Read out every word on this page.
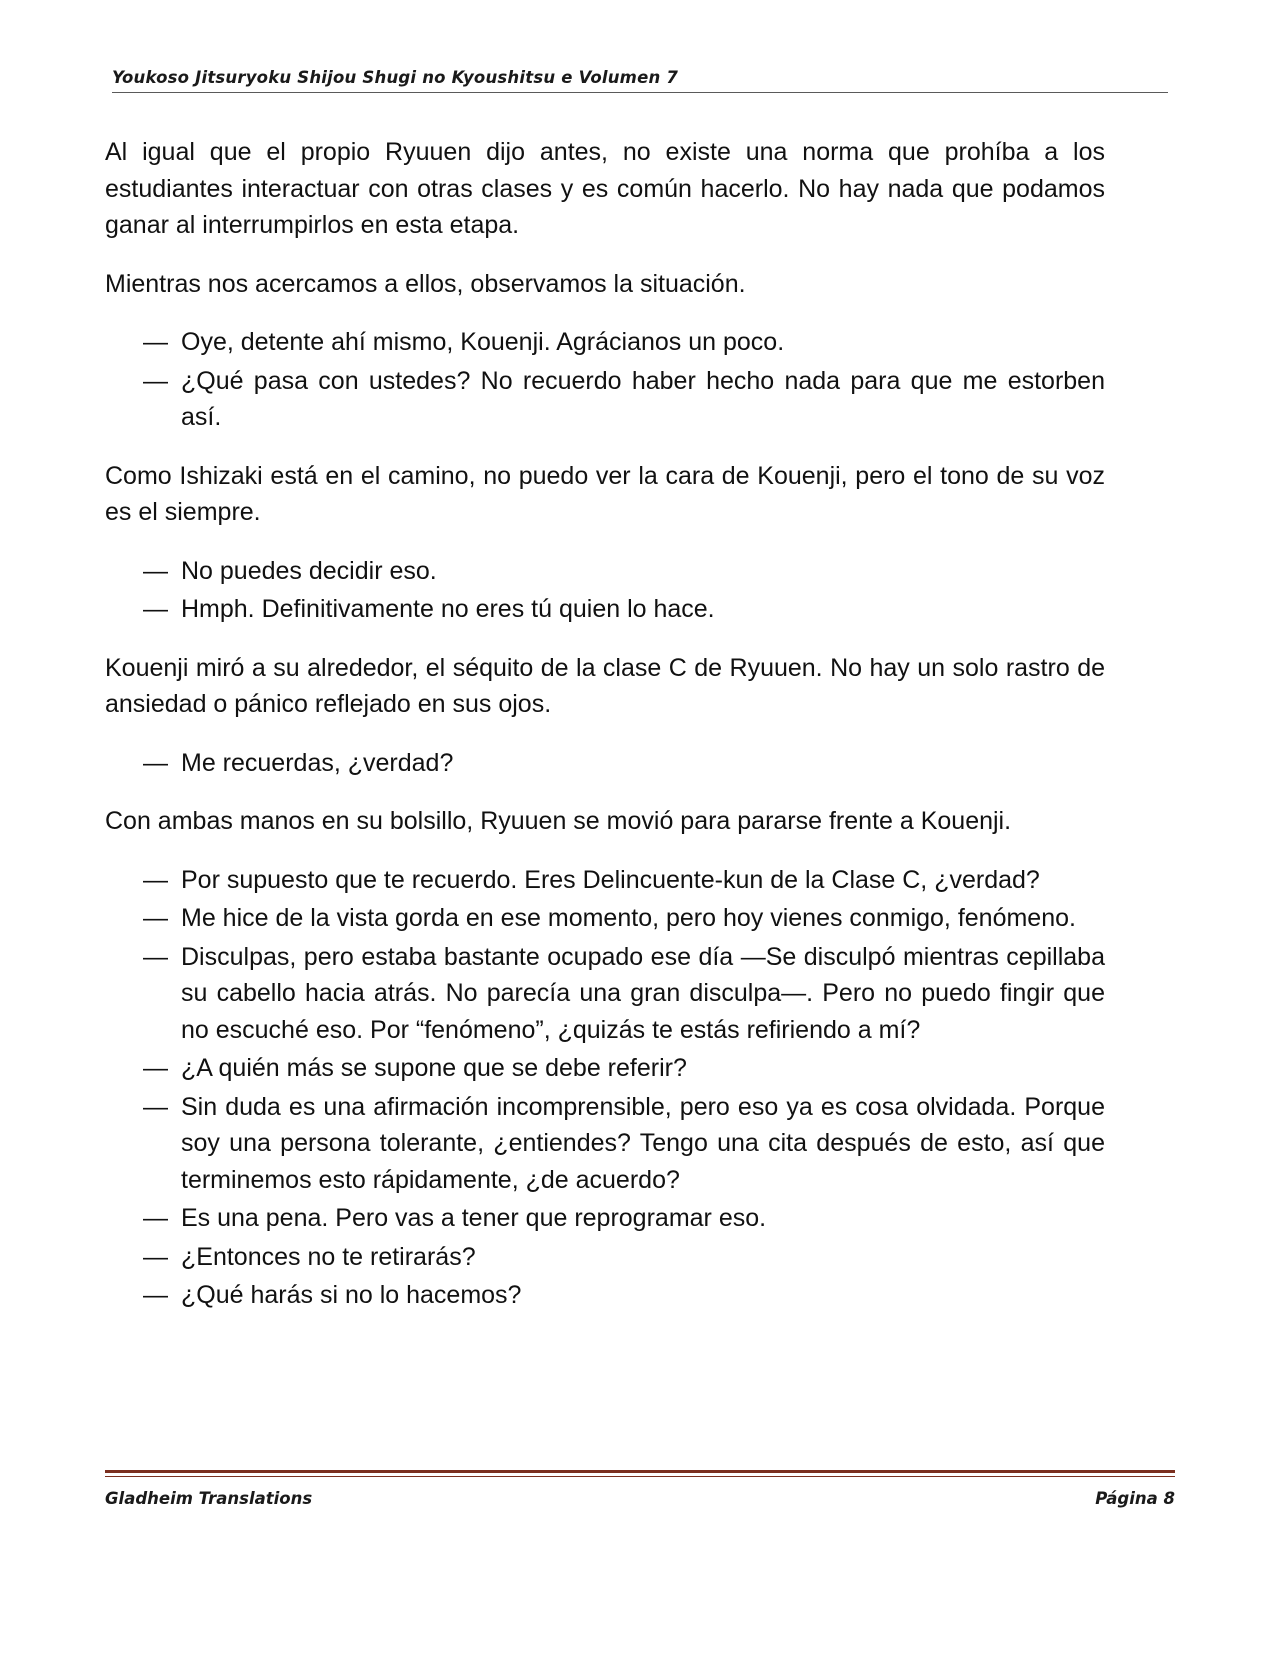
Youkoso Jitsuryoku Shijou Shugi no Kyoushitsu e Volumen 7

Al igual que el propio Ryuuen dijo antes, no existe una norma que prohíba a los estudiantes interactuar con otras clases y es común hacerlo. No hay nada que podamos ganar al interrumpirlos en esta etapa.

Mientras nos acercamos a ellos, observamos la situación.

— Oye, detente ahí mismo, Kouenji. Agrácianos un poco.
— ¿Qué pasa con ustedes? No recuerdo haber hecho nada para que me estorben así.

Como Ishizaki está en el camino, no puedo ver la cara de Kouenji, pero el tono de su voz es el siempre.

— No puedes decidir eso.
— Hmph. Definitivamente no eres tú quien lo hace.

Kouenji miró a su alrededor, el séquito de la clase C de Ryuuen. No hay un solo rastro de ansiedad o pánico reflejado en sus ojos.

— Me recuerdas, ¿verdad?

Con ambas manos en su bolsillo, Ryuuen se movió para pararse frente a Kouenji.

— Por supuesto que te recuerdo. Eres Delincuente-kun de la Clase C, ¿verdad?
— Me hice de la vista gorda en ese momento, pero hoy vienes conmigo, fenómeno.
— Disculpas, pero estaba bastante ocupado ese día —Se disculpó mientras cepillaba su cabello hacia atrás. No parecía una gran disculpa—. Pero no puedo fingir que no escuché eso. Por “fenómeno”, ¿quizás te estás refiriendo a mí?
— ¿A quién más se supone que se debe referir?
— Sin duda es una afirmación incomprensible, pero eso ya es cosa olvidada. Porque soy una persona tolerante, ¿entiendes? Tengo una cita después de esto, así que terminemos esto rápidamente, ¿de acuerdo?
— Es una pena. Pero vas a tener que reprogramar eso.
— ¿Entonces no te retirarás?
— ¿Qué harás si no lo hacemos?
Gladheim Translations	Página 8
